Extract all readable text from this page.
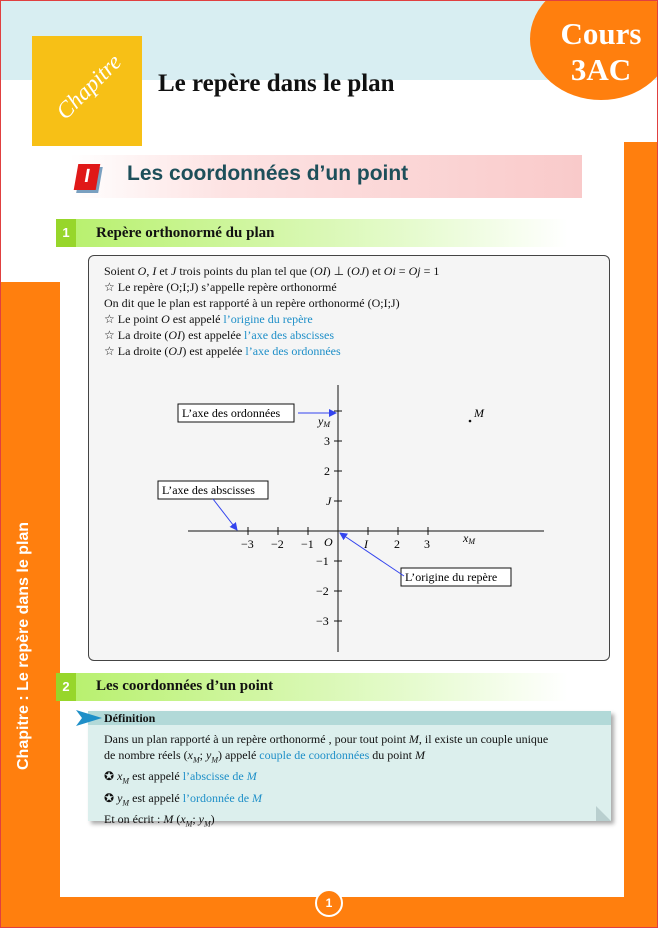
Cours
3AC
Chapitre	Le repère dans le plan
I	Les coordonnées d’un point
1	Repère orthonormé du plan
Soient O, I et J trois points du plan tel que (OI) ⊥ (OJ) et Oi = Oj = 1
☆ Le repère (O;I;J) s’appelle repère orthonormé
On dit que le plan est rapporté à un repère orthonormé (O;I;J)
☆ Le point O est appelé l’origine du repère
☆ La droite (OI) est appelée l’axe des abscisses
☆ La droite (OJ) est appelée l’axe des ordonnées
−3 −2 −1	I 2 3
O
3
2
J
−1
−2
−3
xM
yM
M
L’axe des ordonnées
L’axe des abscisses
L’origine du repère
2	Les coordonnées d’un point
Définition
Dans un plan rapporté à un repère orthonormé , pour tout point M, il existe un couple unique
de nombre réels ($x_M$; $y_M$) appelé couple de coordonnées du point M
✪ $x_M$ est appelé l’abscisse de M
✪ $y_M$ est appelé l’ordonnée de M
Et on écrit : M ($x_M$; $y_M$)
Chapitre : Le repère dans le plan
1
